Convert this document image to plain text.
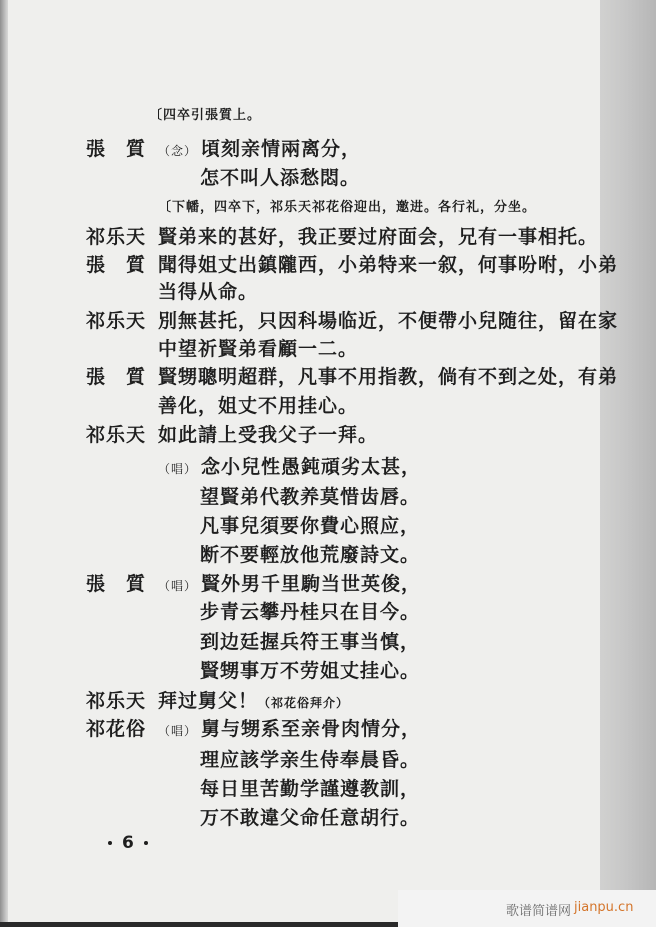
〔四卒引張質上。
張　質 （念） 頃刻亲情兩离分，
怎不叫人添愁悶。
〔下幡，四卒下，祁乐天祁花俗迎出，邀进。各行礼，分坐。
祁乐天 賢弟来的甚好，我正要过府面会，兄有一事相托。
張　質 聞得姐丈出鎮隴西，小弟特来一叙，何事吩咐，小弟
当得从命。
祁乐天 別無甚托，只因科場临近，不便帶小兒随往，留在家
中望祈賢弟看顧一二。
張　質 賢甥聰明超群，凡事不用指教，倘有不到之处，有弟
善化，姐丈不用挂心。
祁乐天 如此請上受我父子一拜。
（唱） 念小兒性愚鈍頑劣太甚，
望賢弟代教养莫惜齿唇。
凡事兒須要你費心照应，
断不要輕放他荒廢詩文。
張　質 （唱） 賢外男千里駒当世英俊，
步青云攀丹桂只在目今。
到边廷握兵符王事当慎，
賢甥事万不劳姐丈挂心。
祁乐天 拜过舅父！（祁花俗拜介）
祁花俗 （唱） 舅与甥系至亲骨肉情分，
理应該学亲生侍奉晨昏。
每日里苦勤学謹遵教訓，
万不敢違父命任意胡行。
6
歌谱简谱网 jianpu.cn
